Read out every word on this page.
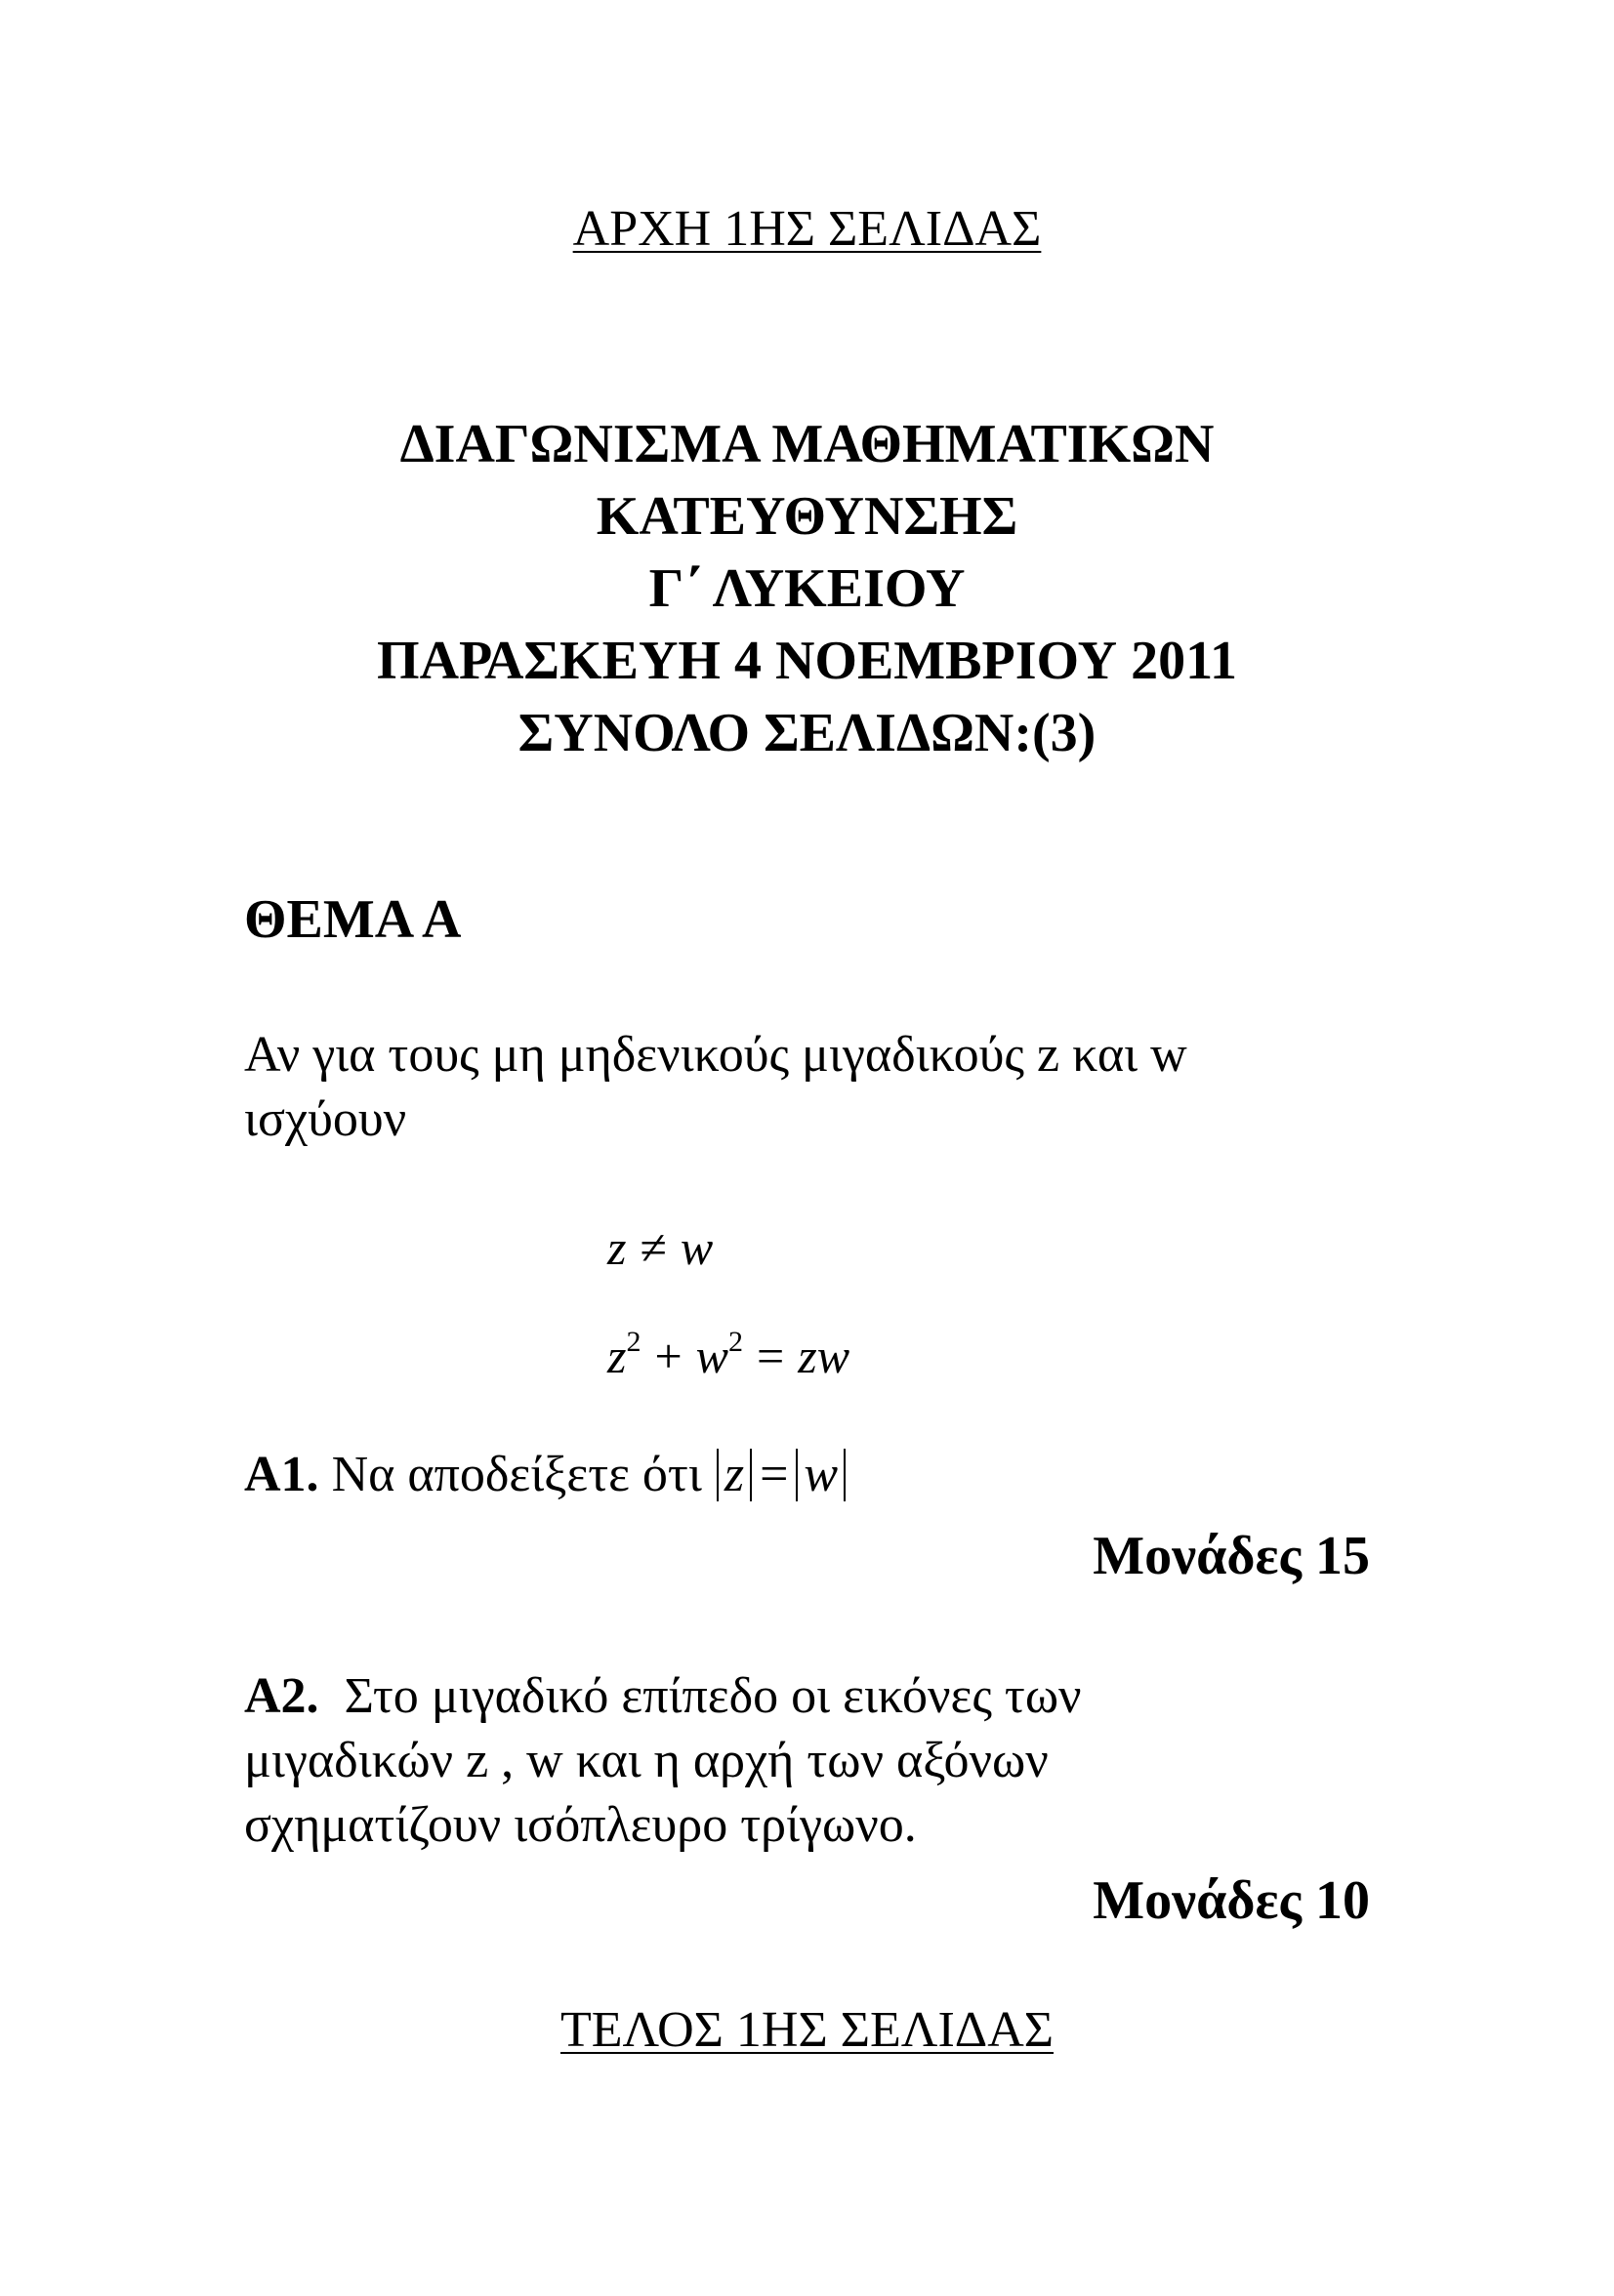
ΑΡΧΗ 1ΗΣ ΣΕΛΙΔΑΣ
ΔΙΑΓΩΝΙΣΜΑ ΜΑΘΗΜΑΤΙΚΩΝ
ΚΑΤΕΥΘΥΝΣΗΣ
Γ΄ ΛΥΚΕΙΟΥ
ΠΑΡΑΣΚΕΥΗ 4 ΝΟΕΜΒΡΙΟΥ 2011
ΣΥΝΟΛΟ ΣΕΛΙΔΩΝ:(3)
ΘΕΜΑ Α
Αν για τους μη μηδενικούς μιγαδικούς z και w
ισχύουν
z ≠ w
$z^2 + w^2$ = zw
Α1. Να αποδείξετε ότι z = w
Μονάδες 15
Α2. Στο μιγαδικό επίπεδο οι εικόνες των
μιγαδικών z , w και η αρχή των αξόνων
σχηματίζουν ισόπλευρο τρίγωνο.
Μονάδες 10
ΤΕΛΟΣ 1ΗΣ ΣΕΛΙΔΑΣ
